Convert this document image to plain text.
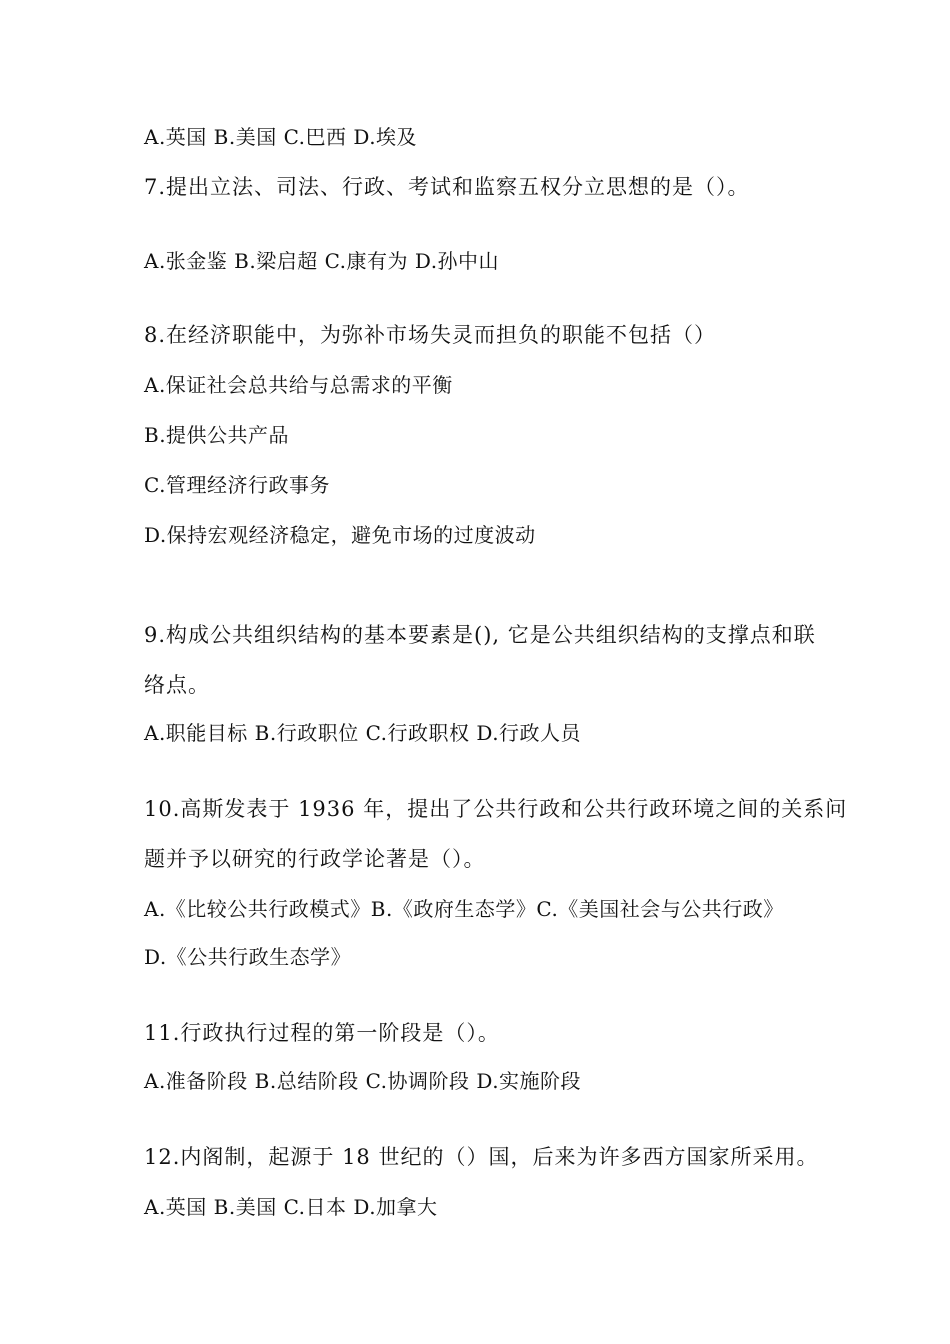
A.英国 B.美国 C.巴西 D.埃及
7.提出立法、司法、行政、考试和监察五权分立思想的是（）。
A.张金鉴 B.梁启超 C.康有为 D.孙中山
8.在经济职能中，为弥补市场失灵而担负的职能不包括（）
A.保证社会总共给与总需求的平衡
B.提供公共产品
C.管理经济行政事务
D.保持宏观经济稳定，避免市场的过度波动
9.构成公共组织结构的基本要素是(), 它是公共组织结构的支撑点和联
络点。
A.职能目标 B.行政职位 C.行政职权 D.行政人员
10.高斯发表于 1936 年，提出了公共行政和公共行政环境之间的关系问
题并予以研究的行政学论著是（）。
A.《比较公共行政模式》B.《政府生态学》C.《美国社会与公共行政》
D.《公共行政生态学》
11.行政执行过程的第一阶段是（）。
A.准备阶段 B.总结阶段 C.协调阶段 D.实施阶段
12.内阁制，起源于 18 世纪的（）国，后来为许多西方国家所采用。
A.英国 B.美国 C.日本 D.加拿大
